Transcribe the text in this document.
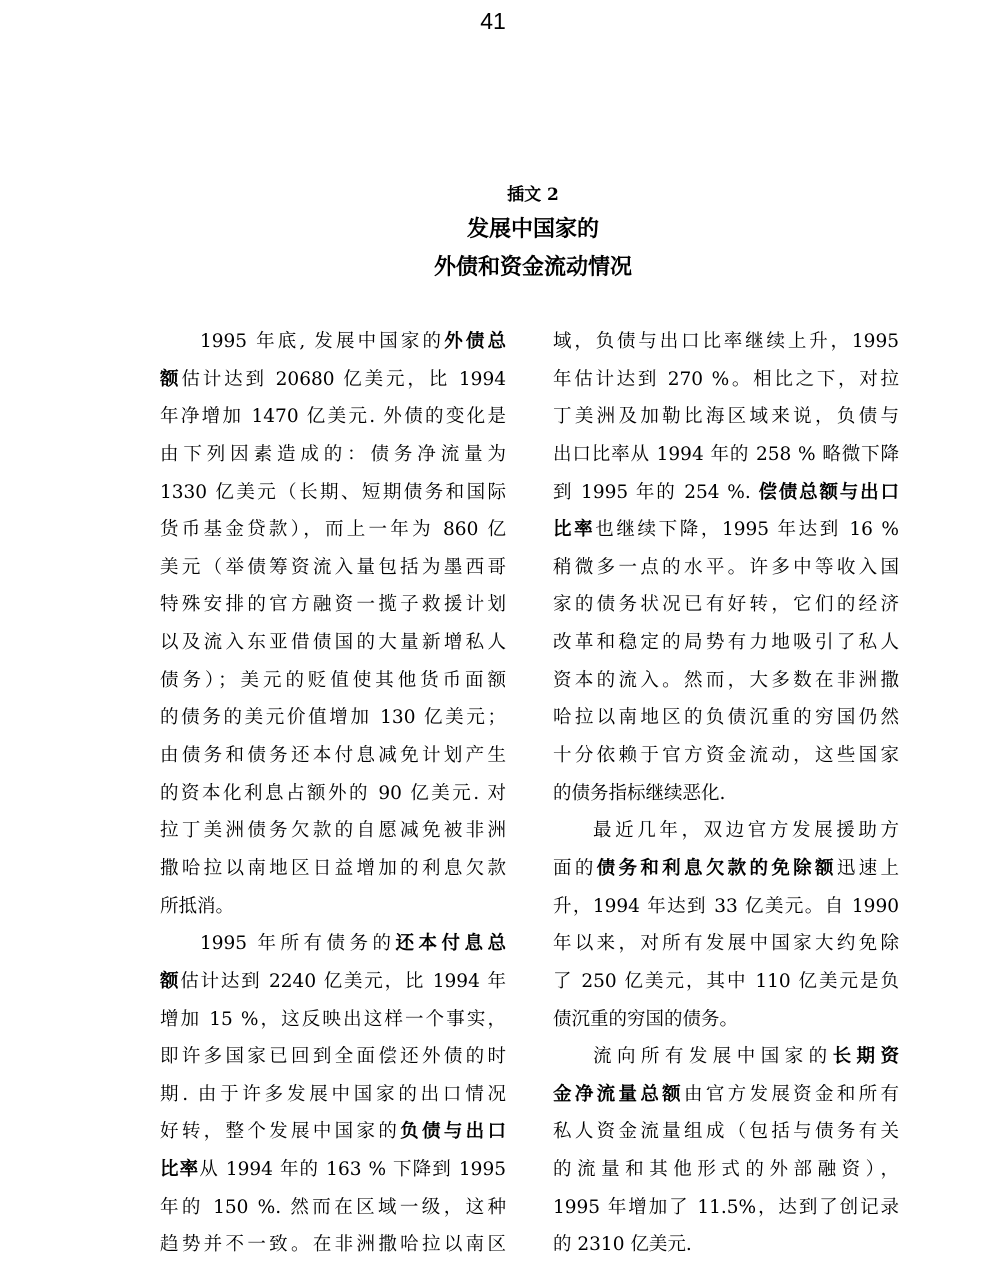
41
插文 2
发展中国家的
外债和资金流动情况
1995 年底, 发展中国家的外债总
额估计达到 20680 亿美元，比 1994
年净增加 1470 亿美元. 外债的变化是
由下列因素造成的：债务净流量为
1330 亿美元（长期、短期债务和国际
货币基金贷款），而上一年为 860 亿
美元（举债筹资流入量包括为墨西哥
特殊安排的官方融资一揽子救援计划
以及流入东亚借债国的大量新增私人
债务）；美元的贬值使其他货币面额
的债务的美元价值增加 130 亿美元；
由债务和债务还本付息减免计划产生
的资本化利息占额外的 90 亿美元. 对
拉丁美洲债务欠款的自愿减免被非洲
撒哈拉以南地区日益增加的利息欠款
所抵消。
1995 年所有债务的还本付息总
额估计达到 2240 亿美元，比 1994 年
增加 15 %，这反映出这样一个事实，
即许多国家已回到全面偿还外债的时
期. 由于许多发展中国家的出口情况
好转，整个发展中国家的负债与出口
比率从 1994 年的 163 % 下降到 1995
年的 150 %. 然而在区域一级，这种
趋势并不一致。在非洲撒哈拉以南区
域，负债与出口比率继续上升，1995
年估计达到 270 %。相比之下，对拉
丁美洲及加勒比海区域来说，负债与
出口比率从 1994 年的 258 % 略微下降
到 1995 年的 254 %. 偿债总额与出口
比率也继续下降，1995 年达到 16 %
稍微多一点的水平。许多中等收入国
家的债务状况已有好转，它们的经济
改革和稳定的局势有力地吸引了私人
资本的流入。然而，大多数在非洲撒
哈拉以南地区的负债沉重的穷国仍然
十分依赖于官方资金流动，这些国家
的债务指标继续恶化.
最近几年，双边官方发展援助方
面的债务和利息欠款的免除额迅速上
升，1994 年达到 33 亿美元。自 1990
年以来，对所有发展中国家大约免除
了 250 亿美元，其中 110 亿美元是负
债沉重的穷国的债务。
流向所有发展中国家的长期资
金净流量总额由官方发展资金和所有
私人资金流量组成（包括与债务有关
的流量和其他形式的外部融资），
1995 年增加了 11.5%，达到了创记录
的 2310 亿美元.
